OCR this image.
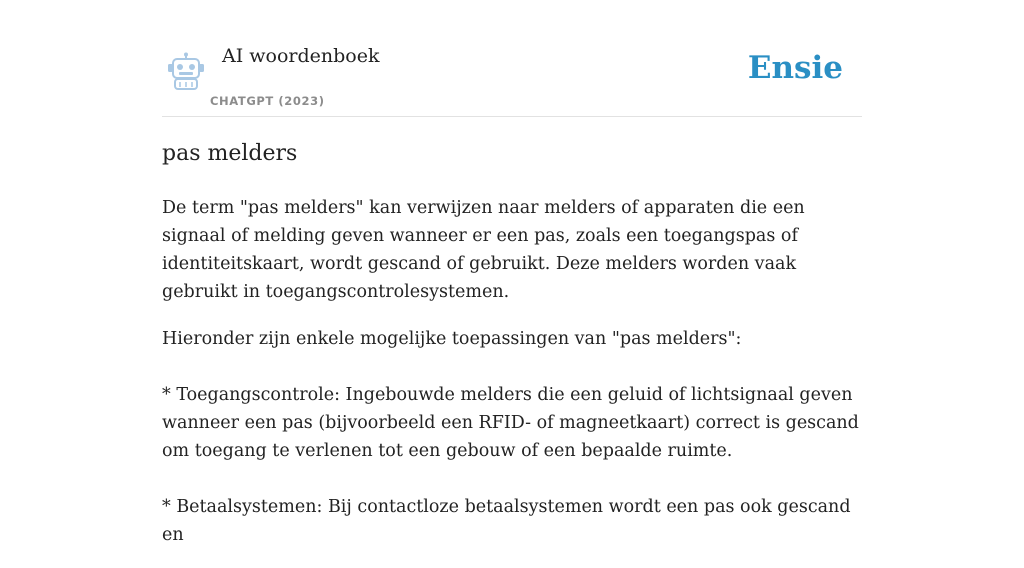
AI woordenboek
CHATGPT (2023)
Ensie
pas melders

De term "pas melders" kan verwijzen naar melders of apparaten die een signaal of melding geven wanneer er een pas, zoals een toegangspas of identiteitskaart, wordt gescand of gebruikt. Deze melders worden vaak gebruikt in toegangscontrolesystemen.

Hieronder zijn enkele mogelijke toepassingen van "pas melders":

* Toegangscontrole: Ingebouwde melders die een geluid of lichtsignaal geven wanneer een pas (bijvoorbeeld een RFID- of magneetkaart) correct is gescand om toegang te verlenen tot een gebouw of een bepaalde ruimte.

* Betaalsystemen: Bij contactloze betaalsystemen wordt een pas ook gescand en
